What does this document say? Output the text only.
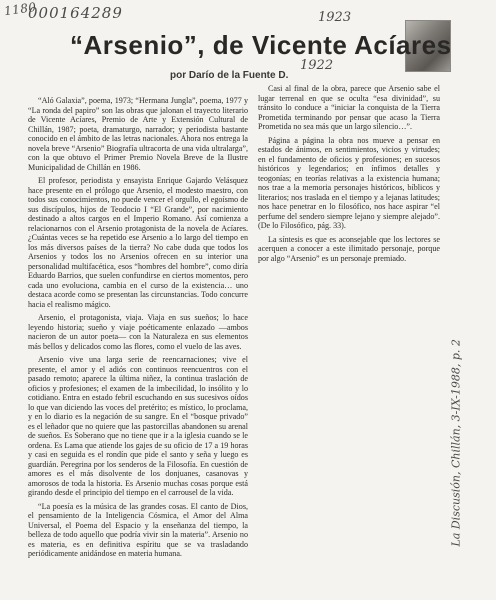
1180
000164289	1923
1922
La Discusión, Chillán, 3-IX-1988, p. 2
“Arsenio”, de Vicente Acíares
por Darío de la Fuente D.

“Aló Galaxia”, poema, 1973; “Hermana Jungla”, poema, 1977 y “La ronda del papiro” son las obras que jalonan el trayecto literario de Vicente Acíares, Premio de Arte y Extensión Cultural de Chillán, 1987; poeta, dramaturgo, narrador; y periodista bastante conocido en el ámbito de las letras nacionales. Ahora nos entrega la novela breve “Arsenio” Biografía ultracorta de una vida ultralarga”, con la que obtuvo el Primer Premio Novela Breve de la Ilustre Municipalidad de Chillán en 1986.

El profesor, periodista y ensayista Enrique Gajardo Velásquez hace presente en el prólogo que Arsenio, el modesto maestro, con todos sus conocimientos, no puede vencer el orgullo, el egoísmo de sus discípulos, hijos de Teodocio I “El Grande”, por nacimiento destinado a altos cargos en el Imperio Romano. Así comienza a relacionarnos con el Arsenio protagonista de la novela de Acíares. ¿Cuántas veces se ha repetido ese Arsenio a lo largo del tiempo en los más diversos países de la tierra? No cabe duda que todos los Arsenios y todos los no Arsenios ofrecen en su interior una personalidad multifacética, esos “hombres del hombre”, como diría Eduardo Barrios, que suelen confundirse en ciertos momentos, pero cada uno evoluciona, cambia en el curso de la existencia… uno destaca acorde como se presentan las circunstancias. Todo concurre hacia el realismo mágico.

Arsenio, el protagonista, viaja. Viaja en sus sueños; lo hace leyendo historia; sueño y viaje poéticamente enlazado —ambos nacieron de un autor poeta— con la Naturaleza en sus elementos más bellos y delicados como las flores, como el vuelo de las aves.

Arsenio vive una larga serie de reencarnaciones; vive el presente, el amor y el adiós con continuos reencuentros con el pasado remoto; aparece la última niñez, la continua traslación de oficios y profesiones; el examen de la imbecilidad, lo insólito y lo cotidiano. Entra en estado febril escuchando en sus sucesivos oídos lo que van diciendo las voces del pretérito; es místico, lo proclama, y en lo diario es la negación de su sangre. En el “bosque privado” es el leñador que no quiere que las pastorcillas abandonen su arenal de sueños. Es Soberano que no tiene que ir a la iglesia cuando se le ordena. Es Lama que atiende los gajes de su oficio de 17 a 19 horas y casi en seguida es el rondín que pide el santo y seña y luego es guardián. Peregrina por los senderos de la Filosofía. En cuestión de amores es el más disolvente de los donjuanes, casanovas y amorosos de toda la historia. Es Arsenio muchas cosas porque está girando desde el principio del tiempo en el carrousel de la vida.

“La poesía es la música de las grandes cosas. El canto de Dios, el pensamiento de la Inteligencia Cósmica, el Amor del Alma Universal, el Poema del Espacio y la enseñanza del tiempo, la belleza de todo aquello que podría vivir sin la materia”. Arsenio no es materia, es en definitiva espíritu que se va trasladando periódicamente anidándose en materia humana.

Casi al final de la obra, parece que Arsenio sabe el lugar terrenal en que se oculta “esa divinidad”, su tránsito lo conduce a “iniciar la conquista de la Tierra Prometida terminando por pensar que acaso la Tierra Prometida no sea más que un largo silencio…”.

Página a página la obra nos mueve a pensar en estados de ánimos, en sentimientos, vicios y virtudes; en el fundamento de oficios y profesiones; en sucesos históricos y legendarios; en ínfimos detalles y teogonías; en teorías relativas a la existencia humana; nos trae a la memoria personajes históricos, bíblicos y literarios; nos traslada en el tiempo y a lejanas latitudes; nos hace penetrar en lo filosófico, nos hace aspirar “el perfume del sendero siempre lejano y siempre alejado”. (De lo Filosófico, pág. 33).

La síntesis es que es aconsejable que los lectores se acerquen a conocer a este ilimitado personaje, porque por algo “Arsenio” es un personaje premiado.
